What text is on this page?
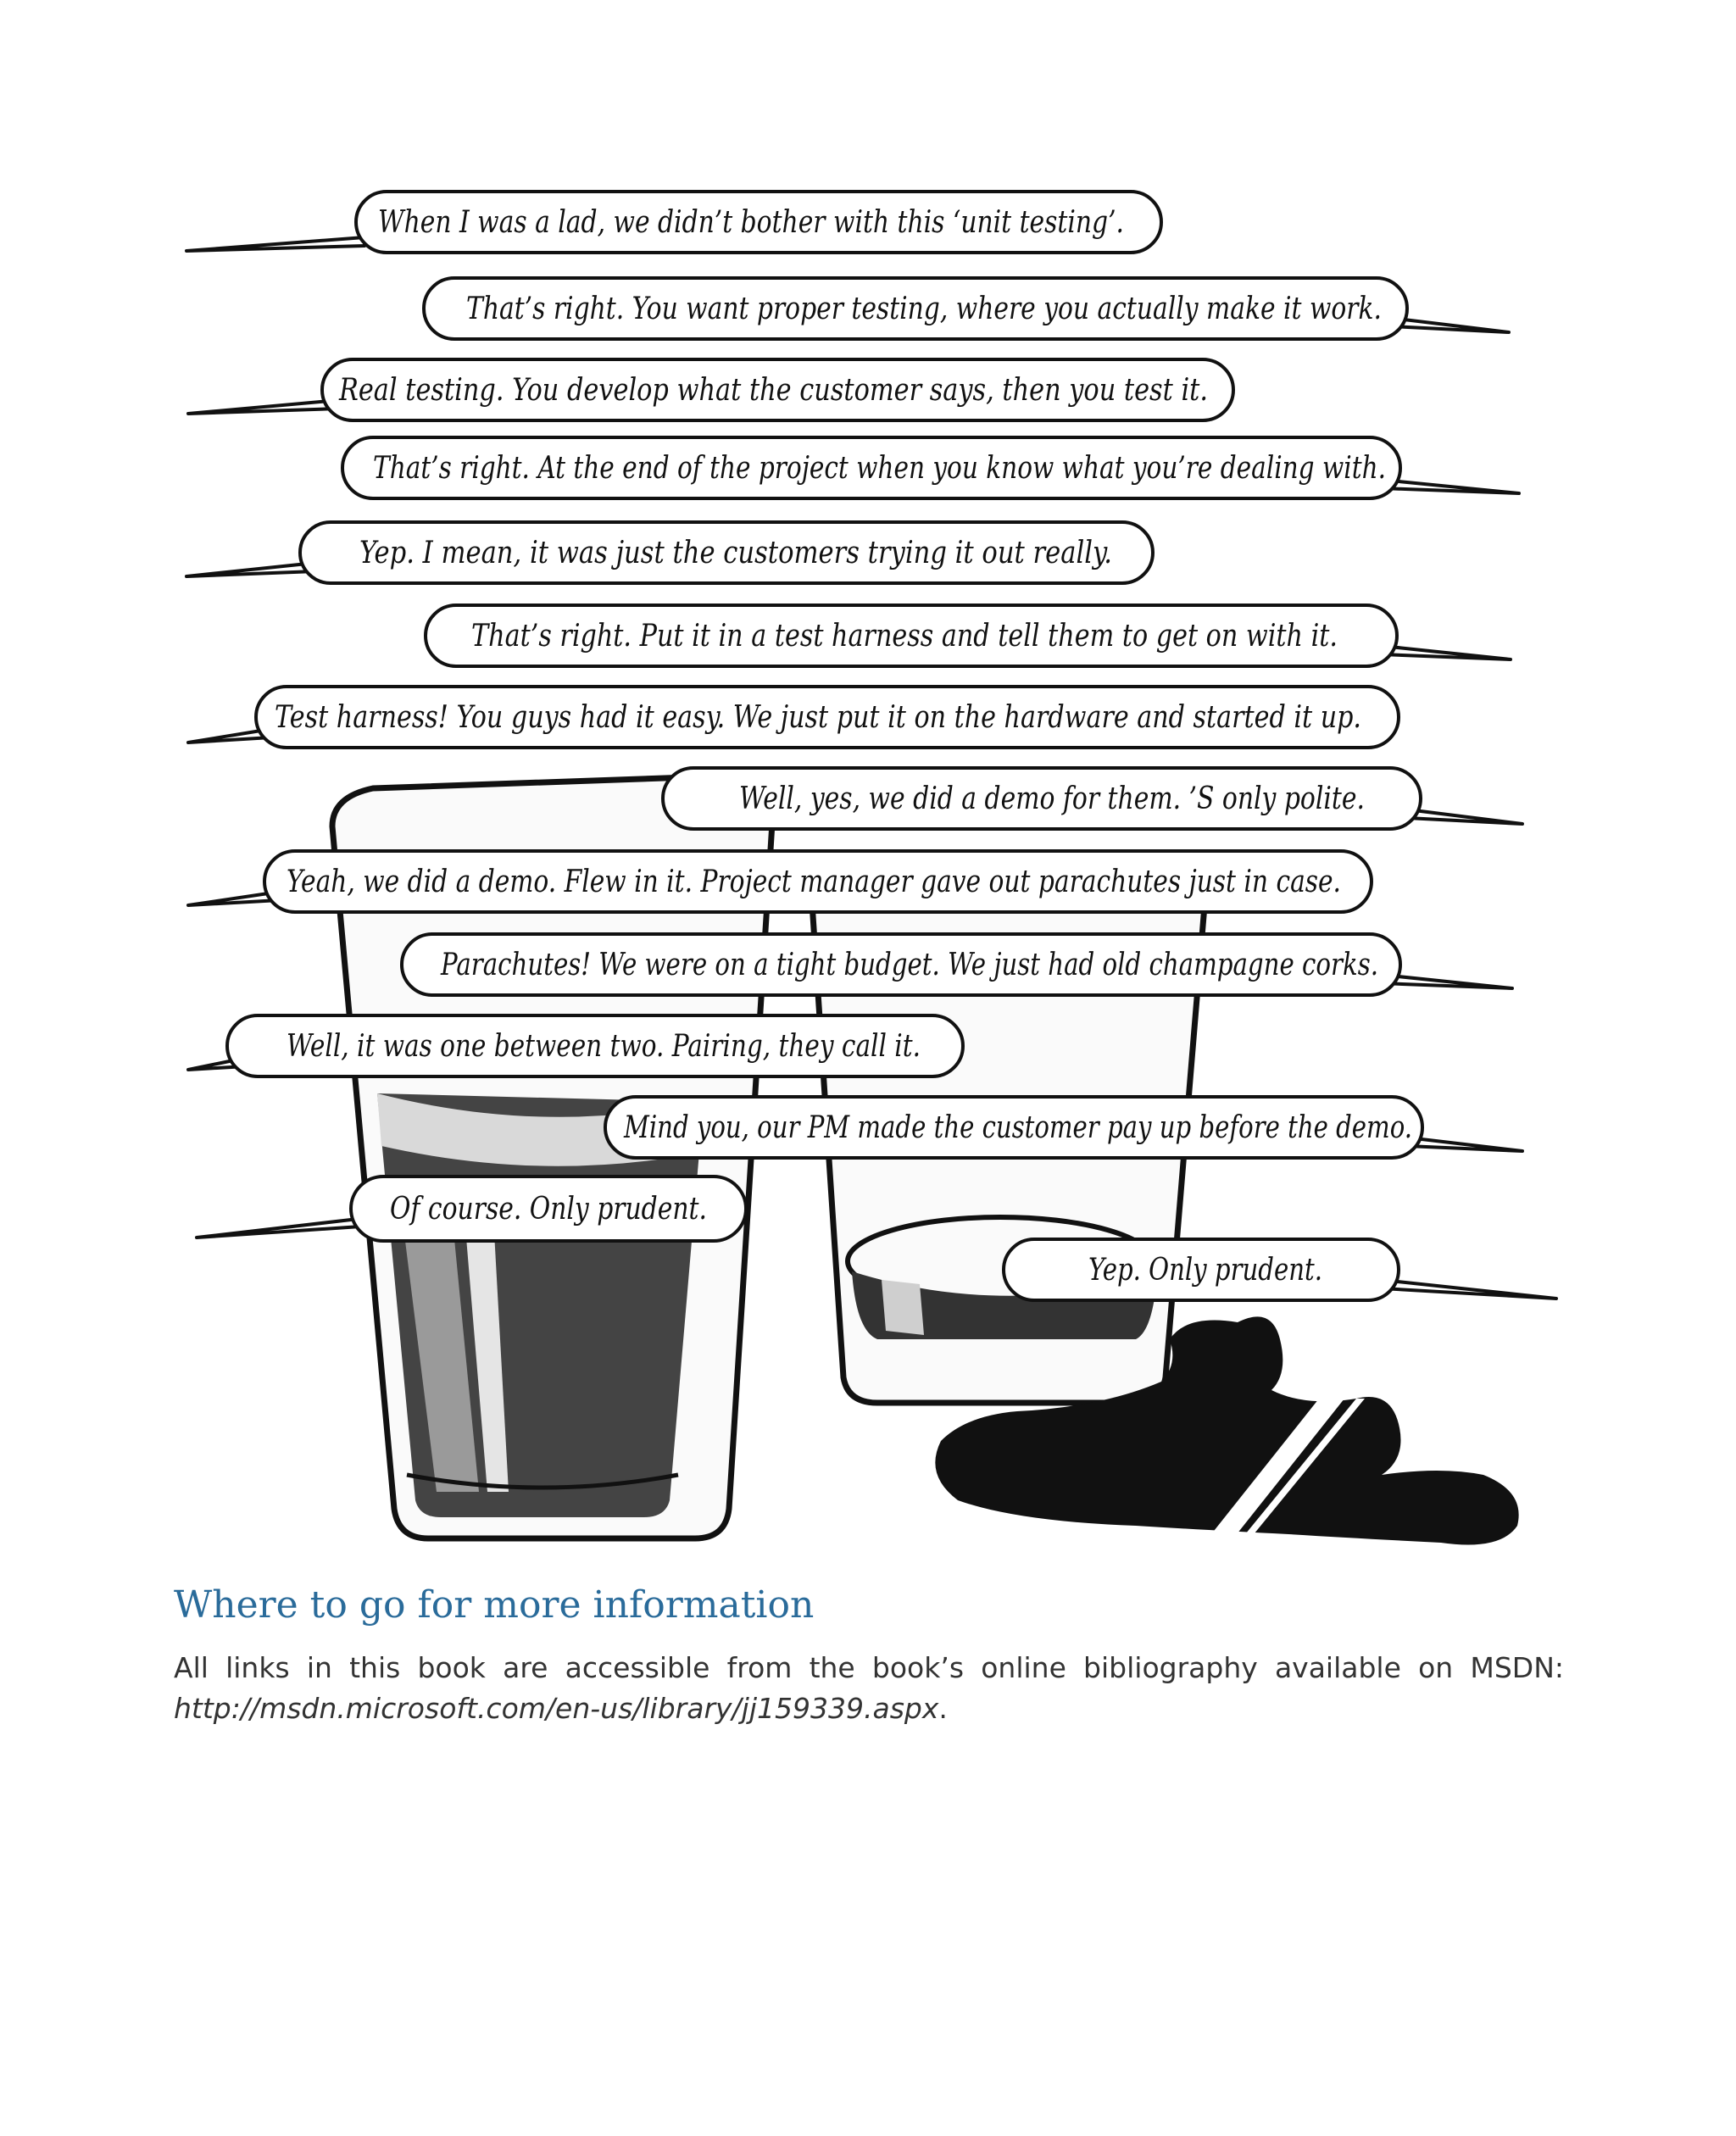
When I was a lad, we didn’t bother with this ‘unit testing’.
That’s right. You want proper testing, where you actually make it work.
Real testing. You develop what the customer says, then you test it.
That’s right. At the end of the project when you know what you’re dealing with.
Yep. I mean, it was just the customers trying it out really.
That’s right. Put it in a test harness and tell them to get on with it.
Test harness! You guys had it easy. We just put it on the hardware and started it up.
Well, yes, we did a demo for them. ’S only polite.
Yeah, we did a demo. Flew in it. Project manager gave out parachutes just in case.
Parachutes! We were on a tight budget. We just had old champagne corks.
Well, it was one between two. Pairing, they call it.
Mind you, our PM made the customer pay up before the demo.
Of course. Only prudent.
Yep. Only prudent.
Where to go for more information

All links in this book are accessible from the book’s online bibliography available on MSDN:

http://msdn.microsoft.com/en-us/library/jj159339.aspx.
